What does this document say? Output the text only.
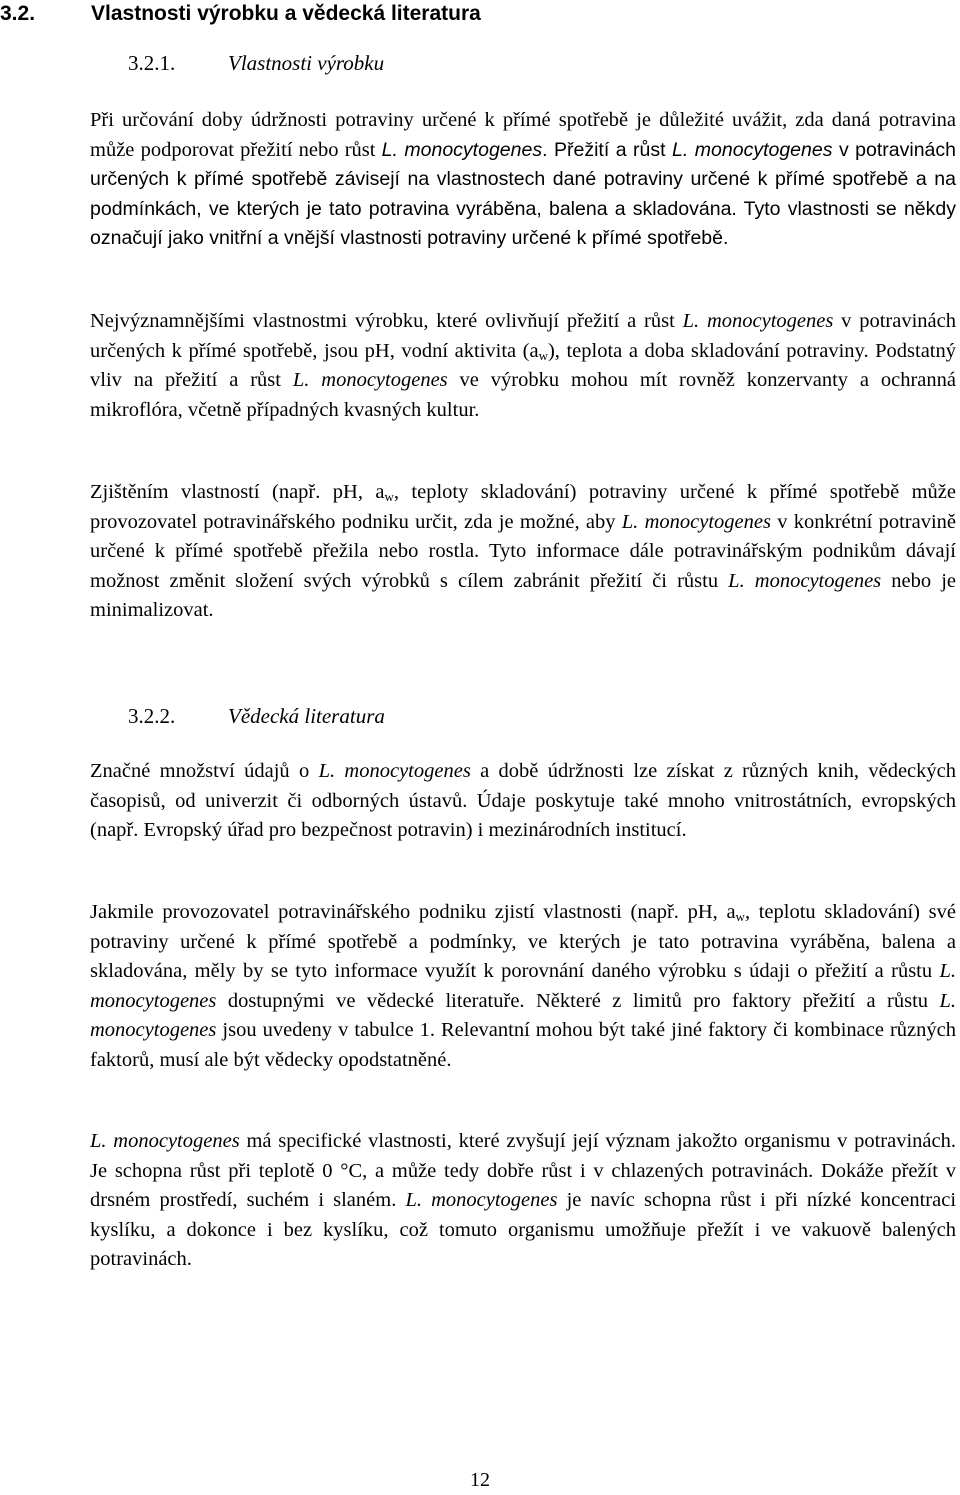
3.2.	Vlastnosti výrobku a vědecká literatura
3.2.1.	Vlastnosti výrobku

Při určování doby údržnosti potraviny určené k přímé spotřebě je důležité uvážit, zda daná potravina může podporovat přežití nebo růst L. monocytogenes. Přežití a růst L. monocytogenes v potravinách určených k přímé spotřebě závisejí na vlastnostech dané potraviny určené k přímé spotřebě a na podmínkách, ve kterých je tato potravina vyráběna, balena a skladována. Tyto vlastnosti se někdy označují jako vnitřní a vnější vlastnosti potraviny určené k přímé spotřebě.

Nejvýznamnějšími vlastnostmi výrobku, které ovlivňují přežití a růst L. monocytogenes v potravinách určených k přímé spotřebě, jsou pH, vodní aktivita $(a_w)$, teplota a doba skladování potraviny. Podstatný vliv na přežití a růst L. monocytogenes ve výrobku mohou mít rovněž konzervanty a ochranná mikroflóra, včetně případných kvasných kultur.

Zjištěním vlastností (např. pH, $a_w$, teploty skladování) potraviny určené k přímé spotřebě může provozovatel potravinářského podniku určit, zda je možné, aby L. monocytogenes v konkrétní potravině určené k přímé spotřebě přežila nebo rostla. Tyto informace dále potravinářským podnikům dávají možnost změnit složení svých výrobků s cílem zabránit přežití či růstu L. monocytogenes nebo je minimalizovat.

3.2.2.	Vědecká literatura

Značné množství údajů o L. monocytogenes a době údržnosti lze získat z různých knih, vědeckých časopisů, od univerzit či odborných ústavů. Údaje poskytuje také mnoho vnitrostátních, evropských (např. Evropský úřad pro bezpečnost potravin) i mezinárodních institucí.

Jakmile provozovatel potravinářského podniku zjistí vlastnosti (např. pH, $a_w$, teplotu skladování) své potraviny určené k přímé spotřebě a podmínky, ve kterých je tato potravina vyráběna, balena a skladována, měly by se tyto informace využít k porovnání daného výrobku s údaji o přežití a růstu L. monocytogenes dostupnými ve vědecké literatuře. Některé z limitů pro faktory přežití a růstu L. monocytogenes jsou uvedeny v tabulce 1. Relevantní mohou být také jiné faktory či kombinace různých faktorů, musí ale být vědecky opodstatněné.

L. monocytogenes má specifické vlastnosti, které zvyšují její význam jakožto organismu v potravinách. Je schopna růst při teplotě 0 °C, a může tedy dobře růst i v chlazených potravinách. Dokáže přežít v drsném prostředí, suchém i slaném. L. monocytogenes je navíc schopna růst i při nízké koncentraci kyslíku, a dokonce i bez kyslíku, což tomuto organismu umožňuje přežít i ve vakuově balených potravinách.

12
